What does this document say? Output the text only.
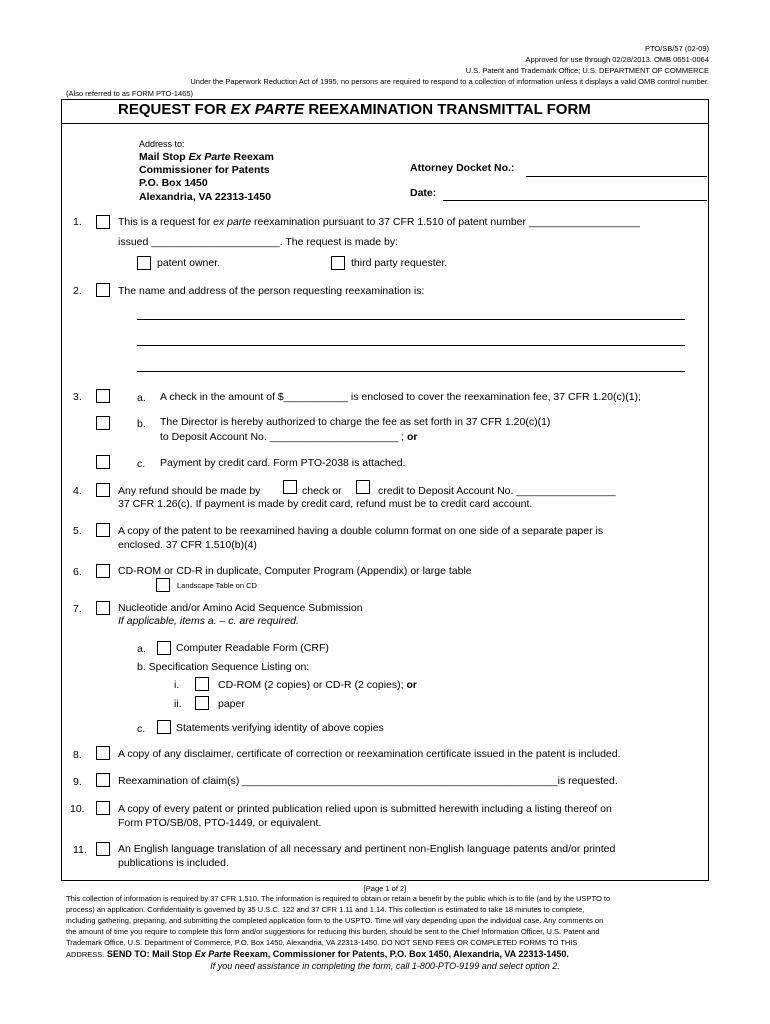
PTO/SB/57 (02-09)
Approved for use through 02/28/2013. OMB 0651-0064
U.S. Patent and Trademark Office; U.S. DEPARTMENT OF COMMERCE
Under the Paperwork Reduction Act of 1995, no persons are required to respond to a collection of information unless it displays a valid OMB control number.
(Also referred to as FORM PTO-1465)
REQUEST FOR EX PARTE REEXAMINATION TRANSMITTAL FORM
Address to:
Mail Stop Ex Parte Reexam
Commissioner for Patents
P.O. Box 1450
Alexandria, VA 22313-1450
Attorney Docket No.:
Date:
1.	This is a request for ex parte reexamination pursuant to 37 CFR 1.510 of patent number ___________________
issued ______________________. The request is made by:
patent owner.	third party requester.
2.	The name and address of the person requesting reexamination is:
3.	a. A check in the amount of $___________ is enclosed to cover the reexamination fee, 37 CFR 1.20(c)(1);
b. The Director is hereby authorized to charge the fee as set forth in 37 CFR 1.20(c)(1)
to Deposit Account No. ______________________ ; or
c. Payment by credit card. Form PTO-2038 is attached.
4.	Any refund should be made by	check or	credit to Deposit Account No. _________________
37 CFR 1.26(c). If payment is made by credit card, refund must be to credit card account.
5.	A copy of the patent to be reexamined having a double column format on one side of a separate paper is
enclosed. 37 CFR 1.510(b)(4)
6.	CD-ROM or CD-R in duplicate, Computer Program (Appendix) or large table
Landscape Table on CD
7.	Nucleotide and/or Amino Acid Sequence Submission
If applicable, items a. – c. are required.
a.	Computer Readable Form (CRF)
b. Specification Sequence Listing on:
i.	CD-ROM (2 copies) or CD-R (2 copies); or
ii.	paper
c.	Statements verifying identity of above copies
8.	A copy of any disclaimer, certificate of correction or reexamination certificate issued in the patent is included.
9.	Reexamination of claim(s) ______________________________________________________is requested.
10.	A copy of every patent or printed publication relied upon is submitted herewith including a listing thereof on
Form PTO/SB/08, PTO-1449, or equivalent.
11.	An English language translation of all necessary and pertinent non-English language patents and/or printed
publications is included.
[Page 1 of 2]
This collection of information is required by 37 CFR 1.510. The information is required to obtain or retain a benefit by the public which is to file (and by the USPTO to
process) an application. Confidentiality is governed by 35 U.S.C. 122 and 37 CFR 1.11 and 1.14. This collection is estimated to take 18 minutes to complete,
including gathering, preparing, and submitting the completed application form to the USPTO. Time will vary depending upon the individual case. Any comments on
the amount of time you require to complete this form and/or suggestions for reducing this burden, should be sent to the Chief Information Officer, U.S. Patent and
Trademark Office, U.S. Department of Commerce, P.O. Box 1450, Alexandria, VA 22313-1450. DO NOT SEND FEES OR COMPLETED FORMS TO THIS
ADDRESS. SEND TO: Mail Stop Ex Parte Reexam, Commissioner for Patents, P.O. Box 1450, Alexandria, VA 22313-1450.
If you need assistance in completing the form, call 1-800-PTO-9199 and select option 2.
